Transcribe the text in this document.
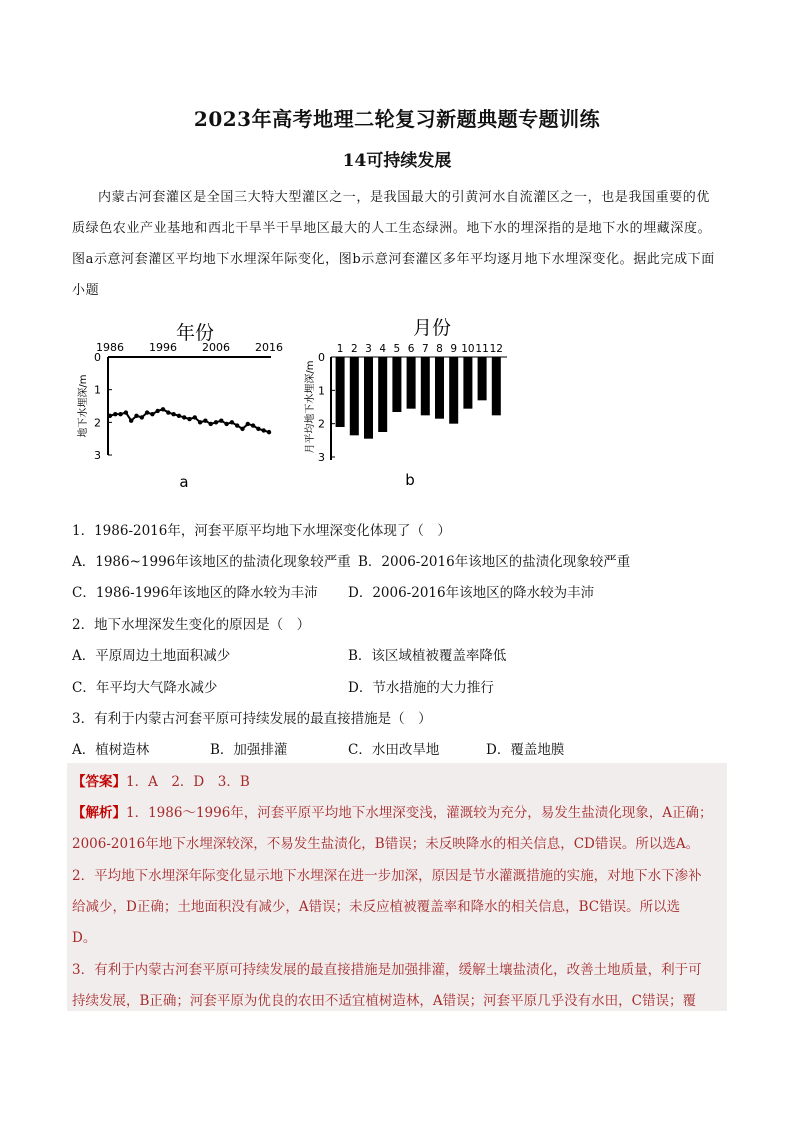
2023年高考地理二轮复习新题典题专题训练
14可持续发展
内蒙古河套灌区是全国三大特大型灌区之一，是我国最大的引黄河水自流灌区之一，也是我国重要的优质绿色农业产业基地和西北干旱半干旱地区最大的人工生态绿洲。地下水的埋深指的是地下水的埋藏深度。图a示意河套灌区平均地下水埋深年际变化，图b示意河套灌区多年平均逐月地下水埋深变化。据此完成下面小题
年份
1986 1996 2006 2016
0
1
2
3
地下水埋深/m
a
月份
1 2 3 4 5 6 7 8 9 10 11 12
0
1
2
3
月平均地下水埋深/m
b
1．1986-2016年，河套平原平均地下水埋深变化体现了（　）
A．1986~1996年该地区的盐渍化现象较严重 B．2006-2016年该地区的盐渍化现象较严重
C．1986-1996年该地区的降水较为丰沛 D．2006-2016年该地区的降水较为丰沛
2．地下水埋深发生变化的原因是（　）
A．平原周边土地面积减少	B．该区域植被覆盖率降低
C．年平均大气降水减少	D．节水措施的大力推行
3．有利于内蒙古河套平原可持续发展的最直接措施是（　）
A．植树造林	B．加强排灌	C．水田改旱地	D．覆盖地膜
【答案】1．A　2．D　3．B
【解析】1．1986～1996年，河套平原平均地下水埋深变浅，灌溉较为充分，易发生盐渍化现象，A正确；
2006-2016年地下水埋深较深，不易发生盐渍化，B错误；未反映降水的相关信息，CD错误。所以选A。
2．平均地下水埋深年际变化显示地下水埋深在进一步加深，原因是节水灌溉措施的实施，对地下水下渗补
给减少，D正确；土地面积没有减少，A错误；未反应植被覆盖率和降水的相关信息，BC错误。所以选
D。
3．有利于内蒙古河套平原可持续发展的最直接措施是加强排灌，缓解土壤盐渍化，改善土地质量，利于可
持续发展，B正确；河套平原为优良的农田不适宜植树造林，A错误；河套平原几乎没有水田，C错误；覆
